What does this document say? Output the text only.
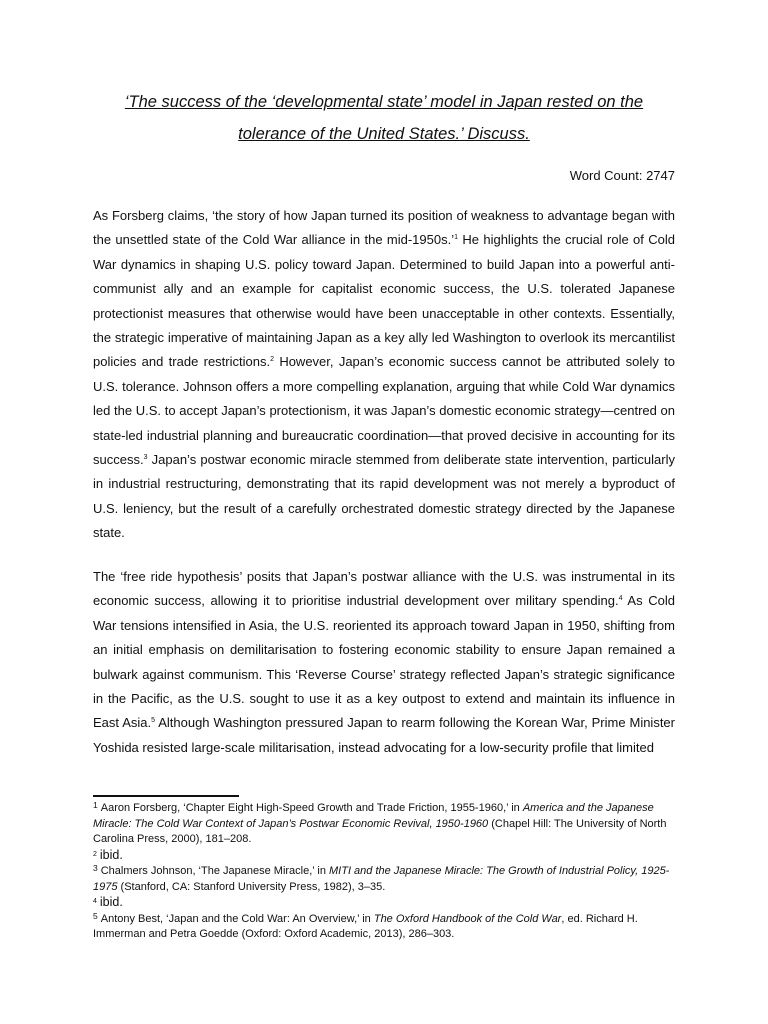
‘The success of the ‘developmental state’ model in Japan rested on the
tolerance of the United States.’ Discuss.
Word Count: 2747

As Forsberg claims, ‘the story of how Japan turned its position of weakness to advantage began with the unsettled state of the Cold War alliance in the mid-1950s.’$^1$ He highlights the crucial role of Cold War dynamics in shaping U.S. policy toward Japan. Determined to build Japan into a powerful anti-communist ally and an example for capitalist economic success, the U.S. tolerated Japanese protectionist measures that otherwise would have been unacceptable in other contexts. Essentially, the strategic imperative of maintaining Japan as a key ally led Washington to overlook its mercantilist policies and trade restrictions.$^2$ However, Japan’s economic success cannot be attributed solely to U.S. tolerance. Johnson offers a more compelling explanation, arguing that while Cold War dynamics led the U.S. to accept Japan’s protectionism, it was Japan’s domestic economic strategy—centred on state-led industrial planning and bureaucratic coordination—that proved decisive in accounting for its success.$^3$ Japan’s postwar economic miracle stemmed from deliberate state intervention, particularly in industrial restructuring, demonstrating that its rapid development was not merely a byproduct of U.S. leniency, but the result of a carefully orchestrated domestic strategy directed by the Japanese state.

The ‘free ride hypothesis’ posits that Japan’s postwar alliance with the U.S. was instrumental in its economic success, allowing it to prioritise industrial development over military spending.$^4$ As Cold War tensions intensified in Asia, the U.S. reoriented its approach toward Japan in 1950, shifting from an initial emphasis on demilitarisation to fostering economic stability to ensure Japan remained a bulwark against communism. This ‘Reverse Course’ strategy reflected Japan’s strategic significance in the Pacific, as the U.S. sought to use it as a key outpost to extend and maintain its influence in East Asia.$^5$ Although Washington pressured Japan to rearm following the Korean War, Prime Minister Yoshida resisted large-scale militarisation, instead advocating for a low-security profile that limited

$^1$ Aaron Forsberg, ‘Chapter Eight High-Speed Growth and Trade Friction, 1955-1960,’ in America and the Japanese Miracle: The Cold War Context of Japan’s Postwar Economic Revival, 1950-1960 (Chapel Hill: The University of North Carolina Press, 2000), 181–208.

$^2$ ibid.

$^3$ Chalmers Johnson, ‘The Japanese Miracle,’ in MITI and the Japanese Miracle: The Growth of Industrial Policy, 1925-1975 (Stanford, CA: Stanford University Press, 1982), 3–35.

$^4$ ibid.

$^5$ Antony Best, ‘Japan and the Cold War: An Overview,’ in The Oxford Handbook of the Cold War, ed. Richard H. Immerman and Petra Goedde (Oxford: Oxford Academic, 2013), 286–303.
